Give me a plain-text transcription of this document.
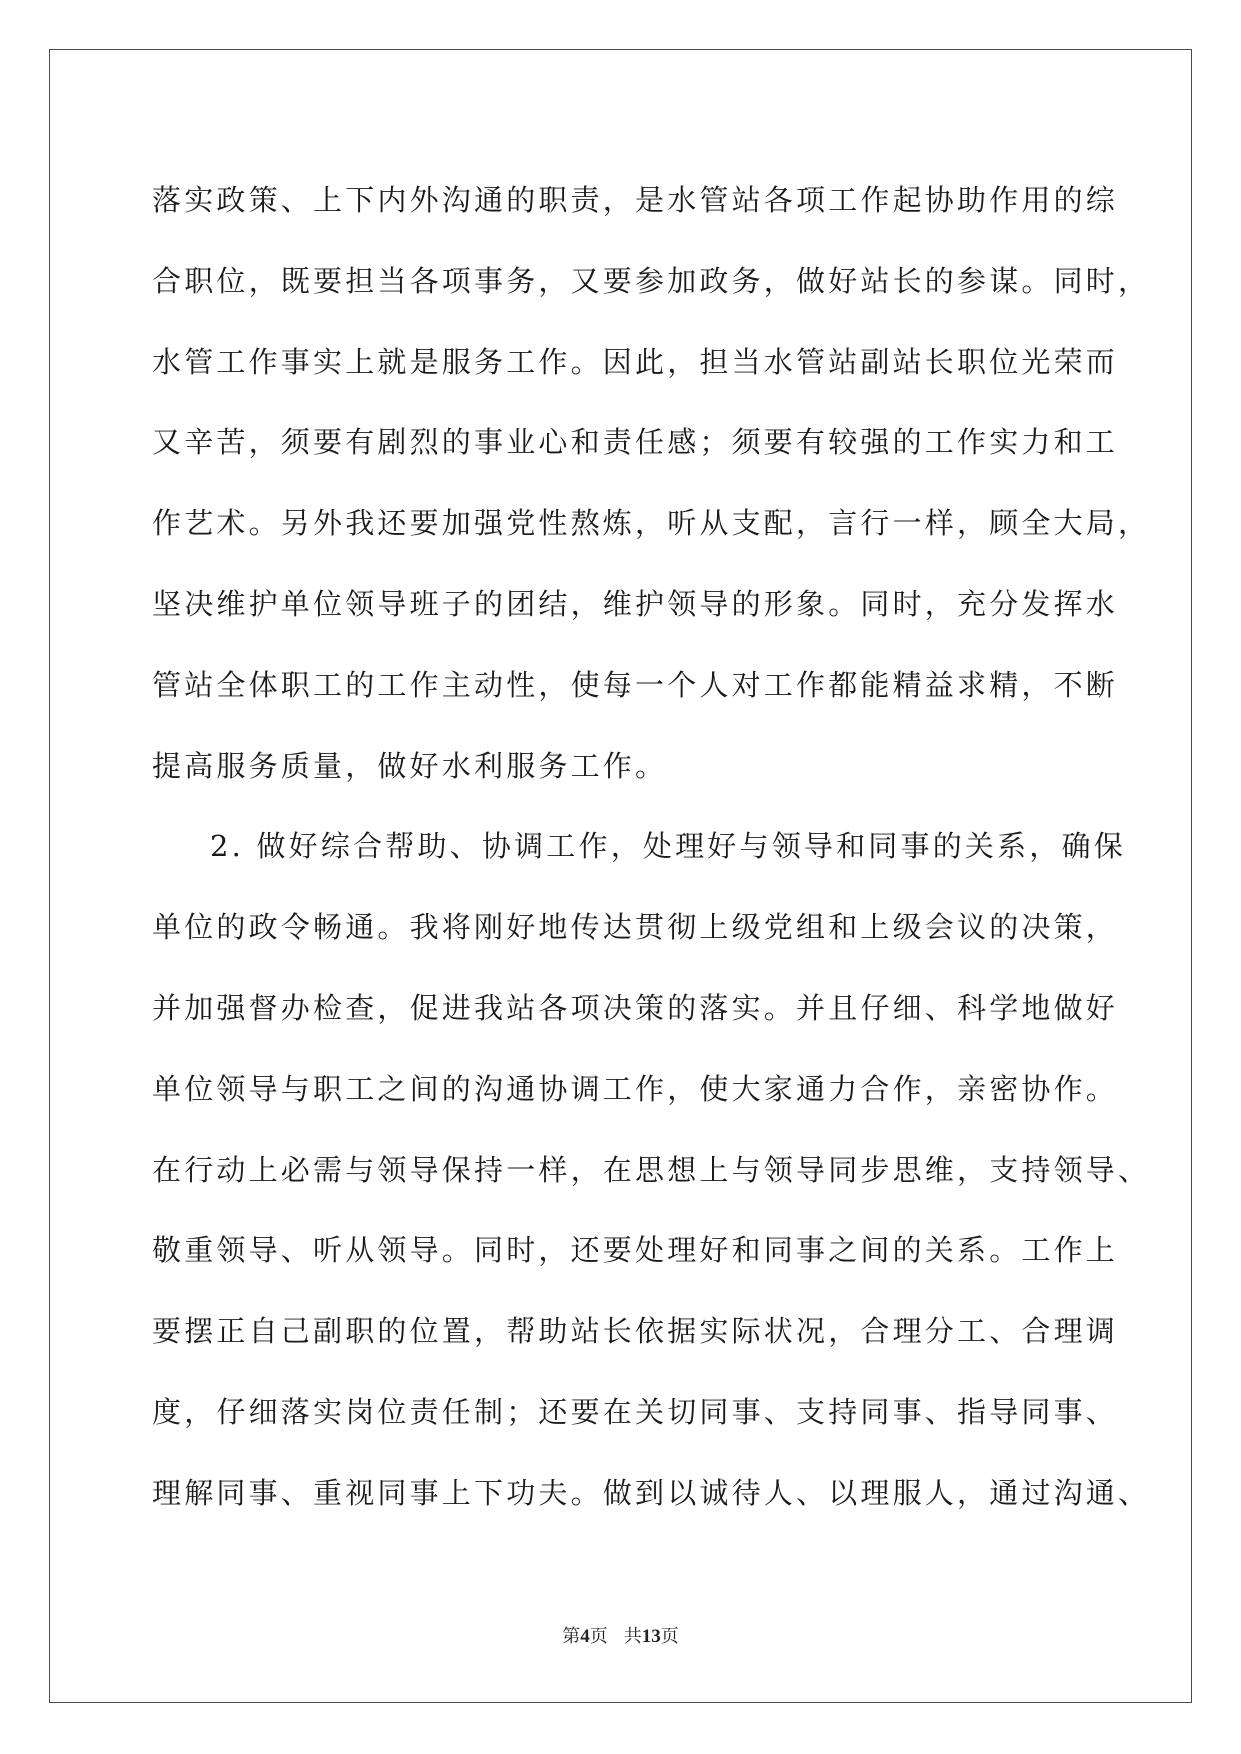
落实政策、上下内外沟通的职责，是水管站各项工作起协助作用的综
合职位，既要担当各项事务，又要参加政务，做好站长的参谋。同时，
水管工作事实上就是服务工作。因此，担当水管站副站长职位光荣而
又辛苦，须要有剧烈的事业心和责任感；须要有较强的工作实力和工
作艺术。另外我还要加强党性熬炼，听从支配，言行一样，顾全大局，
坚决维护单位领导班子的团结，维护领导的形象。同时，充分发挥水
管站全体职工的工作主动性，使每一个人对工作都能精益求精，不断
提高服务质量，做好水利服务工作。
2. 做好综合帮助、协调工作，处理好与领导和同事的关系，确保
单位的政令畅通。我将刚好地传达贯彻上级党组和上级会议的决策，
并加强督办检查，促进我站各项决策的落实。并且仔细、科学地做好
单位领导与职工之间的沟通协调工作，使大家通力合作，亲密协作。
在行动上必需与领导保持一样，在思想上与领导同步思维，支持领导、
敬重领导、听从领导。同时，还要处理好和同事之间的关系。工作上
要摆正自己副职的位置，帮助站长依据实际状况，合理分工、合理调
度，仔细落实岗位责任制；还要在关切同事、支持同事、指导同事、
理解同事、重视同事上下功夫。做到以诚待人、以理服人，通过沟通、
第4页 共13页
